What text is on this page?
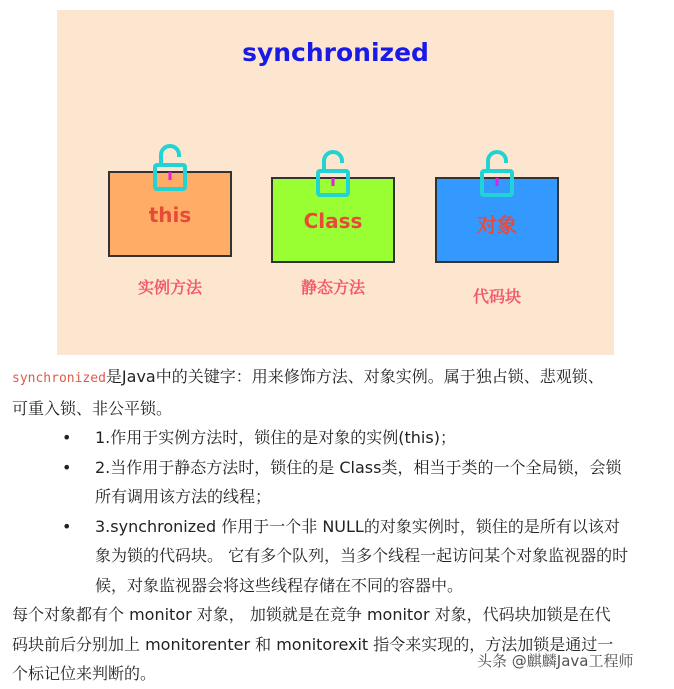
synchronized
this
实例方法
Class
静态方法
对象
代码块
synchronized是Java中的关键字：用来修饰方法、对象实例。属于独占锁、悲观锁、
可重入锁、非公平锁。
• 1.作用于实例方法时，锁住的是对象的实例(this)；
• 2.当作用于静态方法时，锁住的是 Class类，相当于类的一个全局锁，会锁
所有调用该方法的线程；
• 3.synchronized 作用于一个非 NULL的对象实例时，锁住的是所有以该对
象为锁的代码块。 它有多个队列，当多个线程一起访问某个对象监视器的时
候，对象监视器会将这些线程存储在不同的容器中。
每个对象都有个 monitor 对象， 加锁就是在竞争 monitor 对象，代码块加锁是在代
码块前后分别加上 monitorenter 和 monitorexit 指令来实现的，方法加锁是通过一
个标记位来判断的。
头条 @麒麟Java工程师
